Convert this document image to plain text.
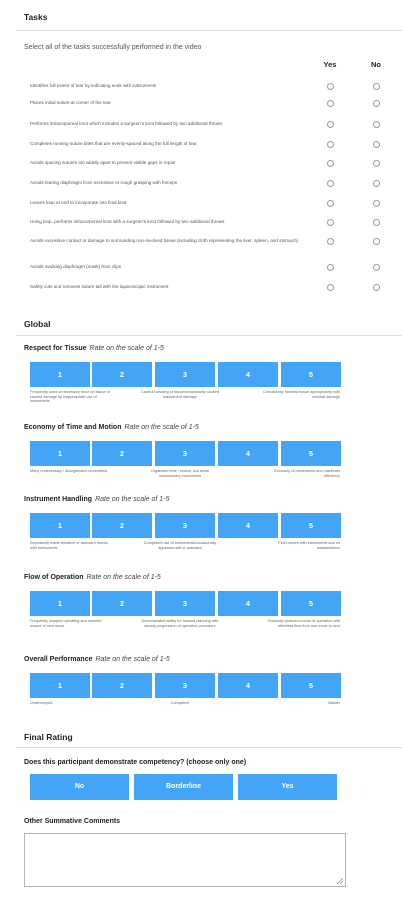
Tasks
Select all of the tasks successfully performed in the video
Yes	No
Identifies full extent of tear by indicating ends with instruments
Places initial suture at corner of the tear
Performs intracorporeal knot which includes a surgeon's knot followed by two additional throws
Completes running suture bites that are evenly-spaced along the full length of tear.
Avoids spacing sutures too widely apart to prevent visible gaps in repair
Avoids tearing diaphragm from excessive or rough grasping with forceps
Leaves loop at end to incorporate into final knot
Using loop, performs intracorporeal knot with a surgeon's knot followed by two additional throws
Avoids excessive contact or damage to surrounding non-involved tissue (including cloth representing the liver, spleen, and stomach)
Avoids avulsing diaphragm (mask) from clips
Safely cuts and removes suture tail with the laparoscopic instrument
Global
Respect for Tissue Rate on the scale of 1-5
1	2	3	4	5
Frequently used unnecessary force on tissue or caused damage by inappropriate use of instruments
Careful handling of tissue/occasionally caused inadvertent damage
Consistently handled tissue appropriately with minimal damage
Economy of Time and Motion Rate on the scale of 1-5
1	2	3	4	5
Many unnecessary / disorganized movements	Organized time / motion, but some unnecessary movements
Economy of movements and maximum efficiency
Instrument Handling Rate on the scale of 1-5
1	2	3	4	5
Repeatedly made tentative or awkward moves with instruments
Competent use of instruments/occasionally appeared stiff or awkward
Fluid moves with instruments and no awkwardness
Flow of Operation Rate on the scale of 1-5
1	2	3	4	5
Frequently stopped operating and seemed unsure of next move
Demonstrated ability for forward planning with steady progression of operative procedure
Obviously planned course of operation with effortless flow from one move to next
Overall Performance Rate on the scale of 1-5
1	2	3	4	5
Undeveloped	Competent	Master
Final Rating
Does this participant demonstrate competency? (choose only one)
No	Borderline	Yes
Other Summative Comments
